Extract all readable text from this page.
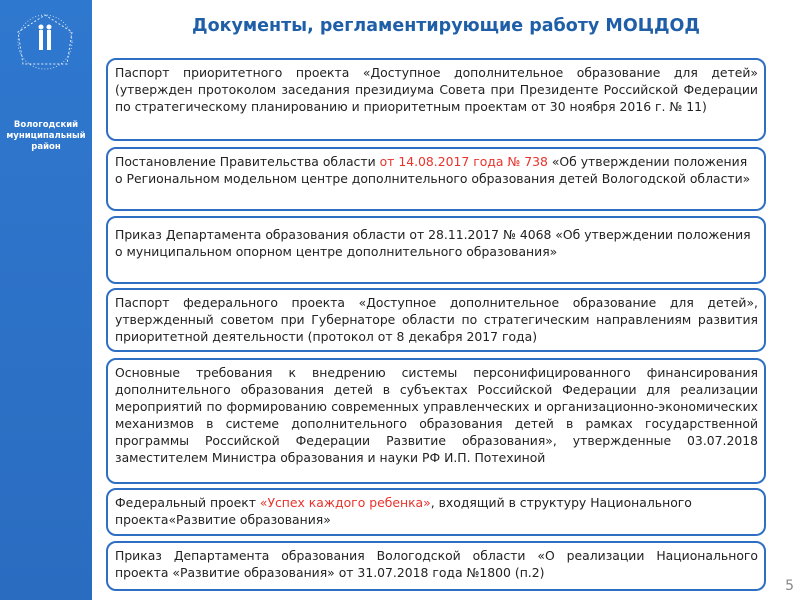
Вологодский муниципальный район
Документы, регламентирующие работу МОЦДОД
Паспорт приоритетного проекта «Доступное дополнительное образование для детей» (утвержден протоколом заседания президиума Совета при Президенте Российской Федерации по стратегическому планированию и приоритетным проектам от 30 ноября 2016 г. № 11)
Постановление Правительства области от 14.08.2017 года № 738 «Об утверждении положения о Региональном модельном центре дополнительного образования детей Вологодской области»
Приказ Департамента образования области от 28.11.2017 № 4068 «Об утверждении положения о муниципальном опорном центре дополнительного образования»
Паспорт федерального проекта «Доступное дополнительное образование для детей», утвержденный советом при Губернаторе области по стратегическим направлениям развития приоритетной деятельности (протокол от 8 декабря 2017 года)
Основные требования к внедрению системы персонифицированного финансирования дополнительного образования детей в субъектах Российской Федерации для реализации мероприятий по формированию современных управленческих и организационно-экономических механизмов в системе дополнительного образования детей в рамках государственной программы Российской Федерации Развитие образования», утвержденные 03.07.2018 заместителем Министра образования и науки РФ И.П. Потехиной
Федеральный проект «Успех каждого ребенка», входящий в структуру Национального проекта«Развитие образования»
Приказ Департамента образования Вологодской области «О реализации Национального проекта «Развитие образования» от 31.07.2018 года №1800 (п.2)
5
